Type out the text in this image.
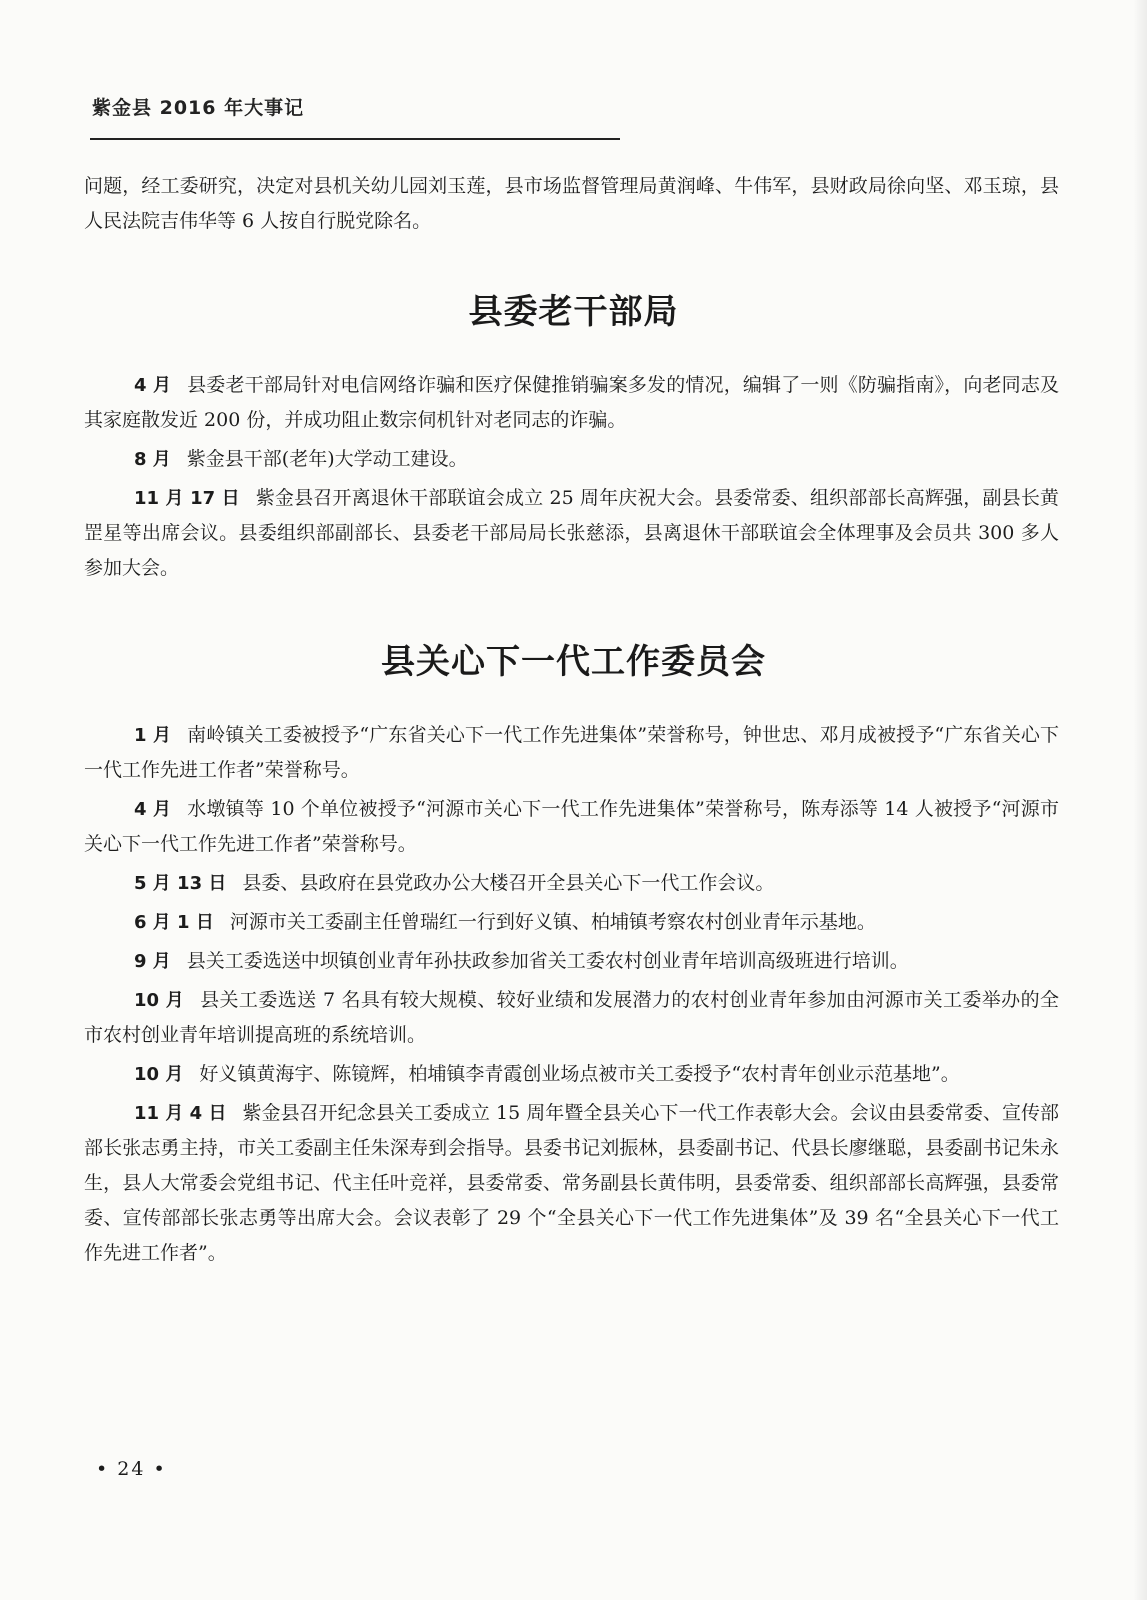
紫金县 2016 年大事记

问题，经工委研究，决定对县机关幼儿园刘玉莲，县市场监督管理局黄润峰、牛伟军，县财政局徐向坚、邓玉琼，县人民法院吉伟华等 6 人按自行脱党除名。

县委老干部局

4 月 县委老干部局针对电信网络诈骗和医疗保健推销骗案多发的情况，编辑了一则《防骗指南》，向老同志及其家庭散发近 200 份，并成功阻止数宗伺机针对老同志的诈骗。

8 月 紫金县干部(老年)大学动工建设。

11 月 17 日 紫金县召开离退休干部联谊会成立 25 周年庆祝大会。县委常委、组织部部长高辉强，副县长黄罡星等出席会议。县委组织部副部长、县委老干部局局长张慈添，县离退休干部联谊会全体理事及会员共 300 多人参加大会。

县关心下一代工作委员会

1 月 南岭镇关工委被授予“广东省关心下一代工作先进集体”荣誉称号，钟世忠、邓月成被授予“广东省关心下一代工作先进工作者”荣誉称号。

4 月 水墩镇等 10 个单位被授予“河源市关心下一代工作先进集体”荣誉称号，陈寿添等 14 人被授予“河源市关心下一代工作先进工作者”荣誉称号。

5 月 13 日 县委、县政府在县党政办公大楼召开全县关心下一代工作会议。

6 月 1 日 河源市关工委副主任曾瑞红一行到好义镇、柏埔镇考察农村创业青年示基地。

9 月 县关工委选送中坝镇创业青年孙扶政参加省关工委农村创业青年培训高级班进行培训。

10 月 县关工委选送 7 名具有较大规模、较好业绩和发展潜力的农村创业青年参加由河源市关工委举办的全市农村创业青年培训提高班的系统培训。

10 月 好义镇黄海宇、陈镜辉，柏埔镇李青霞创业场点被市关工委授予“农村青年创业示范基地”。

11 月 4 日 紫金县召开纪念县关工委成立 15 周年暨全县关心下一代工作表彰大会。会议由县委常委、宣传部部长张志勇主持，市关工委副主任朱深寿到会指导。县委书记刘振林，县委副书记、代县长廖继聪，县委副书记朱永生，县人大常委会党组书记、代主任叶竞祥，县委常委、常务副县长黄伟明，县委常委、组织部部长高辉强，县委常委、宣传部部长张志勇等出席大会。会议表彰了 29 个“全县关心下一代工作先进集体”及 39 名“全县关心下一代工作先进工作者”。

• 24 •
